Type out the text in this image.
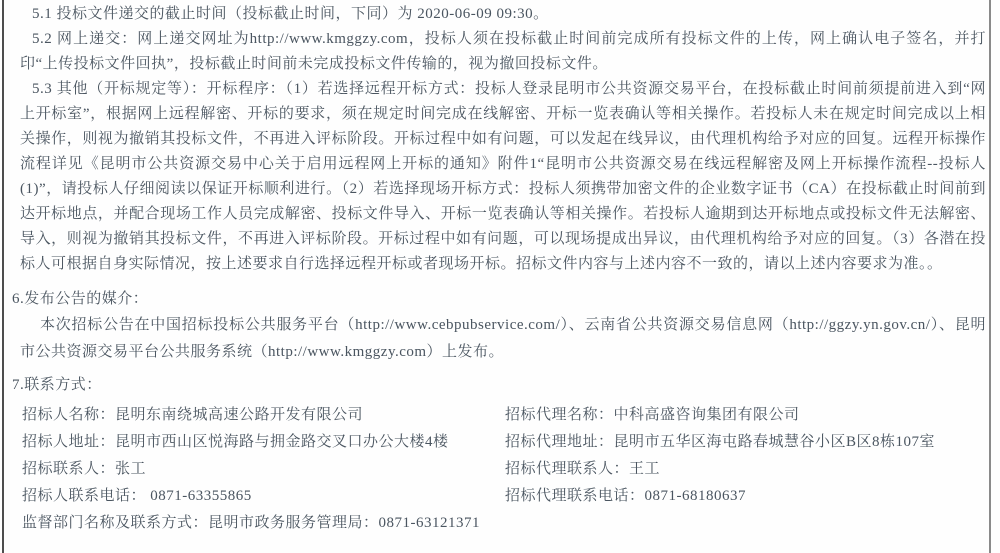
5.1 投标文件递交的截止时间（投标截止时间，下同）为 2020-06-09 09:30。

5.2 网上递交：网上递交网址为http://www.kmggzy.com，投标人须在投标截止时间前完成所有投标文件的上传，网上确认电子签名，并打印“上传投标文件回执”，投标截止时间前未完成投标文件传输的，视为撤回投标文件。

5.3 其他（开标规定等）：开标程序：（1）若选择远程开标方式：投标人登录昆明市公共资源交易平台，在投标截止时间前须提前进入到“网上开标室”，根据网上远程解密、开标的要求，须在规定时间完成在线解密、开标一览表确认等相关操作。若投标人未在规定时间完成以上相关操作，则视为撤销其投标文件，不再进入评标阶段。开标过程中如有问题，可以发起在线异议，由代理机构给予对应的回复。远程开标操作流程详见《昆明市公共资源交易中心关于启用远程网上开标的通知》附件1“昆明市公共资源交易在线远程解密及网上开标操作流程--投标人(1)”，请投标人仔细阅读以保证开标顺利进行。（2）若选择现场开标方式：投标人须携带加密文件的企业数字证书（CA）在投标截止时间前到达开标地点，并配合现场工作人员完成解密、投标文件导入、开标一览表确认等相关操作。若投标人逾期到达开标地点或投标文件无法解密、导入，则视为撤销其投标文件，不再进入评标阶段。开标过程中如有问题，可以现场提成出异议，由代理机构给予对应的回复。（3）各潜在投标人可根据自身实际情况，按上述要求自行选择远程开标或者现场开标。招标文件内容与上述内容不一致的，请以上述内容要求为准。。

6.发布公告的媒介：

本次招标公告在中国招标投标公共服务平台（http://www.cebpubservice.com/）、云南省公共资源交易信息网（http://ggzy.yn.gov.cn/）、昆明市公共资源交易平台公共服务系统（http://www.kmggzy.com）上发布。

7.联系方式：

招标人名称：昆明东南绕城高速公路开发有限公司	招标代理名称：中科高盛咨询集团有限公司
招标人地址：昆明市西山区悦海路与拥金路交叉口办公大楼4楼	招标代理地址：昆明市五华区海屯路春城慧谷小区B区8栋107室
招标联系人：张工	招标代理联系人：王工
招标人联系电话： 0871-63355865	招标代理联系电话：0871-68180637
监督部门名称及联系方式：昆明市政务服务管理局：0871-63121371
